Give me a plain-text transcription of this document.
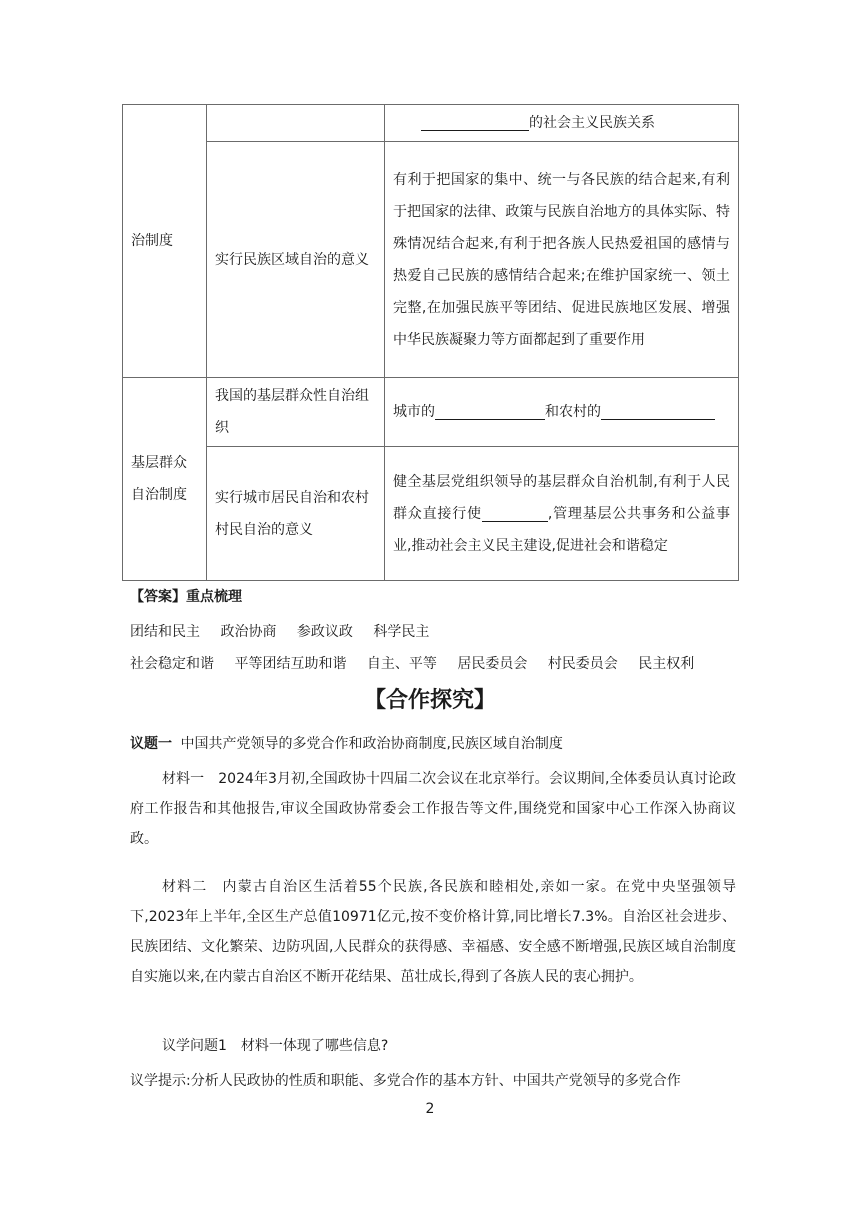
治制度		的社会主义民族关系
	实行民族区域自治的意义	有利于把国家的集中、统一与各民族的结合起来,有利于把国家的法律、政策与民族自治地方的具体实际、特殊情况结合起来,有利于把各族人民热爱祖国的感情与热爱自己民族的感情结合起来;在维护国家统一、领土完整,在加强民族平等团结、促进民族地区发展、增强中华民族凝聚力等方面都起到了重要作用
基层群众自治制度	我国的基层群众性自治组织	城市的 和农村的
	实行城市居民自治和农村村民自治的意义	健全基层党组织领导的基层群众自治机制,有利于人民群众直接行使 ,管理基层公共事务和公益事业,推动社会主义民主建设,促进社会和谐稳定
【答案】重点梳理
团结和民主 政治协商 参政议政 科学民主
社会稳定和谐 平等团结互助和谐 自主、平等 居民委员会 村民委员会 民主权利
【合作探究】
议题一 中国共产党领导的多党合作和政治协商制度,民族区域自治制度
材料一　2024年3月初,全国政协十四届二次会议在北京举行。会议期间,全体委员认真讨论政府工作报告和其他报告,审议全国政协常委会工作报告等文件,围绕党和国家中心工作深入协商议政。
材料二　内蒙古自治区生活着55个民族,各民族和睦相处,亲如一家。在党中央坚强领导下,2023年上半年,全区生产总值10971亿元,按不变价格计算,同比增长7.3%。自治区社会进步、民族团结、文化繁荣、边防巩固,人民群众的获得感、幸福感、安全感不断增强,民族区域自治制度自实施以来,在内蒙古自治区不断开花结果、茁壮成长,得到了各族人民的衷心拥护。
议学问题1　材料一体现了哪些信息?
议学提示:分析人民政协的性质和职能、多党合作的基本方针、中国共产党领导的多党合作
2
